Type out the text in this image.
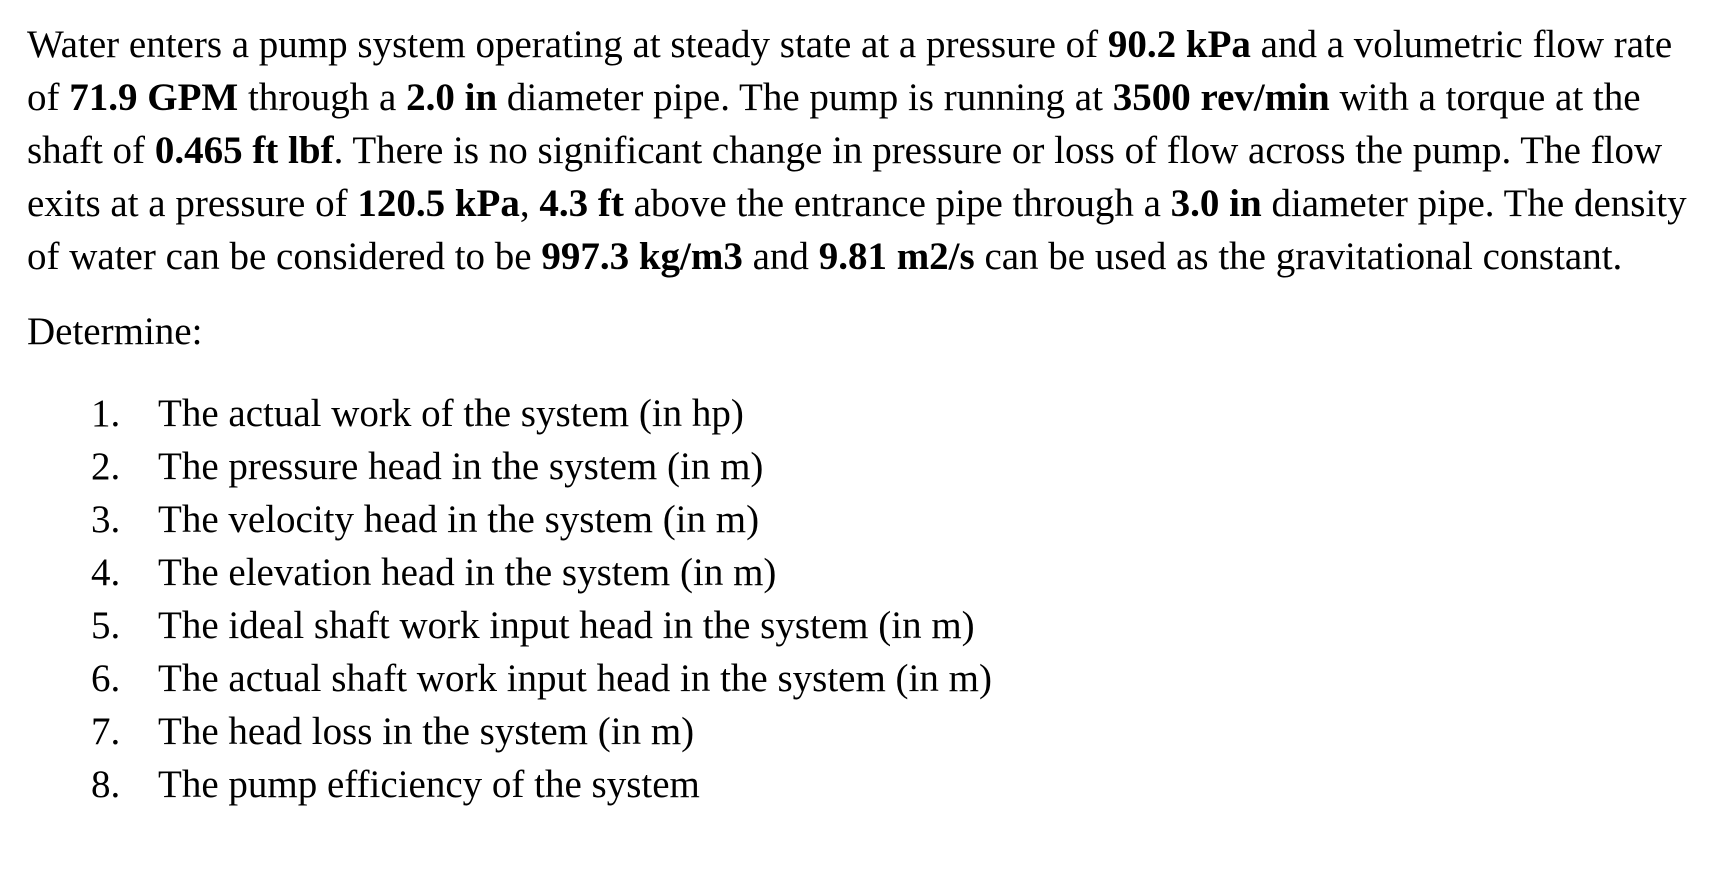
Water enters a pump system operating at steady state at a pressure of 90.2 kPa and a volumetric flow rate of 71.9 GPM through a 2.0 in diameter pipe. The pump is running at 3500 rev/min with a torque at the shaft of 0.465 ft lbf. There is no significant change in pressure or loss of flow across the pump. The flow exits at a pressure of 120.5 kPa, 4.3 ft above the entrance pipe through a 3.0 in diameter pipe. The density of water can be considered to be 997.3 kg/m3 and 9.81 m2/s can be used as the gravitational constant.

Determine:

1. The actual work of the system (in hp)
2. The pressure head in the system (in m)
3. The velocity head in the system (in m)
4. The elevation head in the system (in m)
5. The ideal shaft work input head in the system (in m)
6. The actual shaft work input head in the system (in m)
7. The head loss in the system (in m)
8. The pump efficiency of the system
